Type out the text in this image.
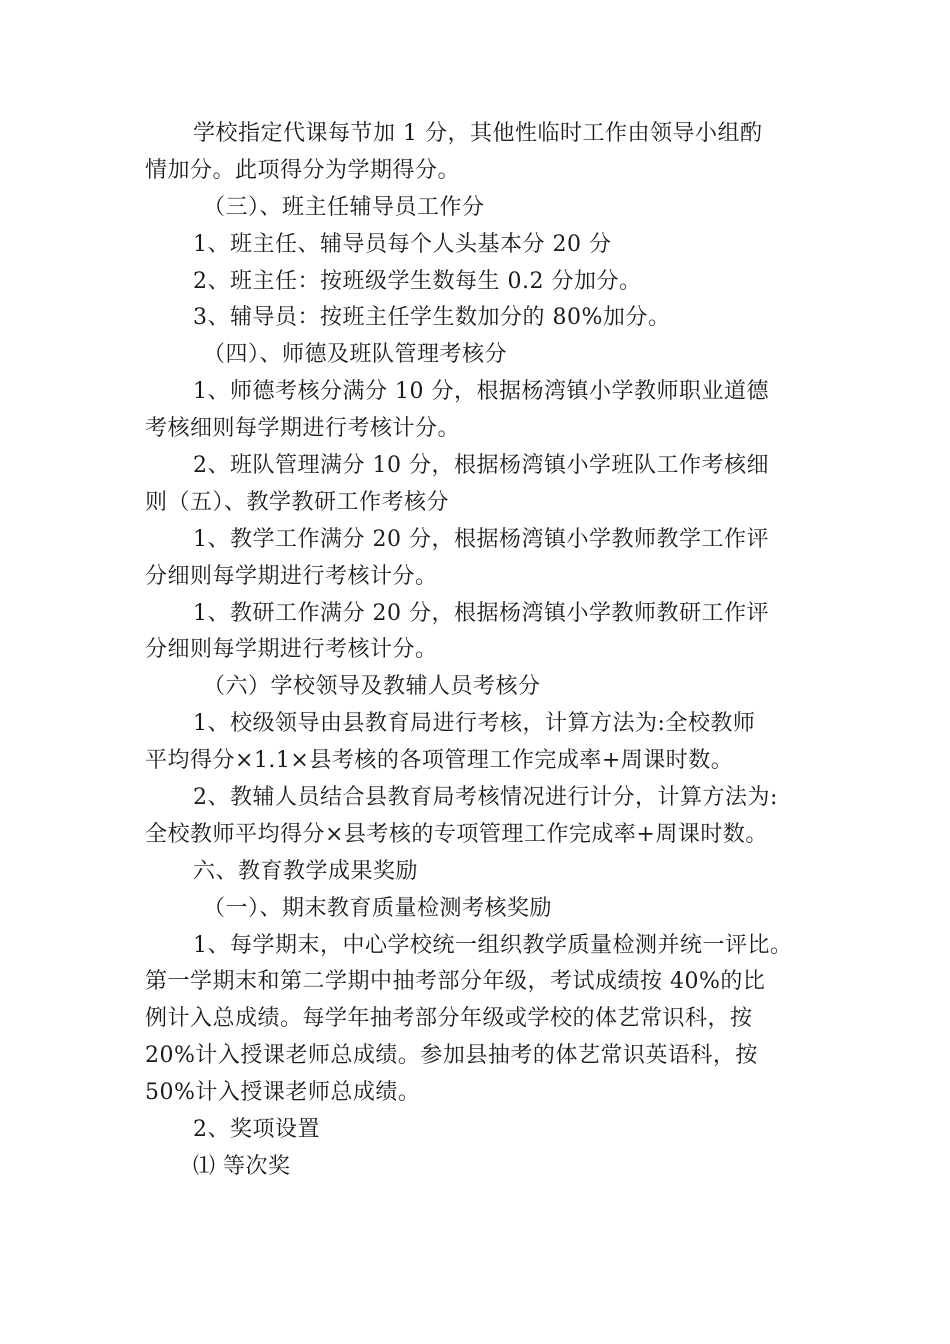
学校指定代课每节加 1 分，其他性临时工作由领导小组酌
情加分。此项得分为学期得分。
（三）、班主任辅导员工作分
1、班主任、辅导员每个人头基本分 20 分
2、班主任：按班级学生数每生 0.2 分加分。
3、辅导员：按班主任学生数加分的 80%加分。
（四）、师德及班队管理考核分
1、师德考核分满分 10 分，根据杨湾镇小学教师职业道德
考核细则每学期进行考核计分。
2、班队管理满分 10 分，根据杨湾镇小学班队工作考核细
则（五）、教学教研工作考核分
1、教学工作满分 20 分，根据杨湾镇小学教师教学工作评
分细则每学期进行考核计分。
1、教研工作满分 20 分，根据杨湾镇小学教师教研工作评
分细则每学期进行考核计分。
（六）学校领导及教辅人员考核分
1、校级领导由县教育局进行考核，计算方法为:全校教师
平均得分×1.1×县考核的各项管理工作完成率+周课时数。
2、教辅人员结合县教育局考核情况进行计分，计算方法为:
全校教师平均得分×县考核的专项管理工作完成率+周课时数。
六、教育教学成果奖励
（一）、期末教育质量检测考核奖励
1、每学期末，中心学校统一组织教学质量检测并统一评比。
第一学期末和第二学期中抽考部分年级，考试成绩按 40%的比
例计入总成绩。每学年抽考部分年级或学校的体艺常识科，按
20%计入授课老师总成绩。参加县抽考的体艺常识英语科，按
50%计入授课老师总成绩。
2、奖项设置
⑴ 等次奖
